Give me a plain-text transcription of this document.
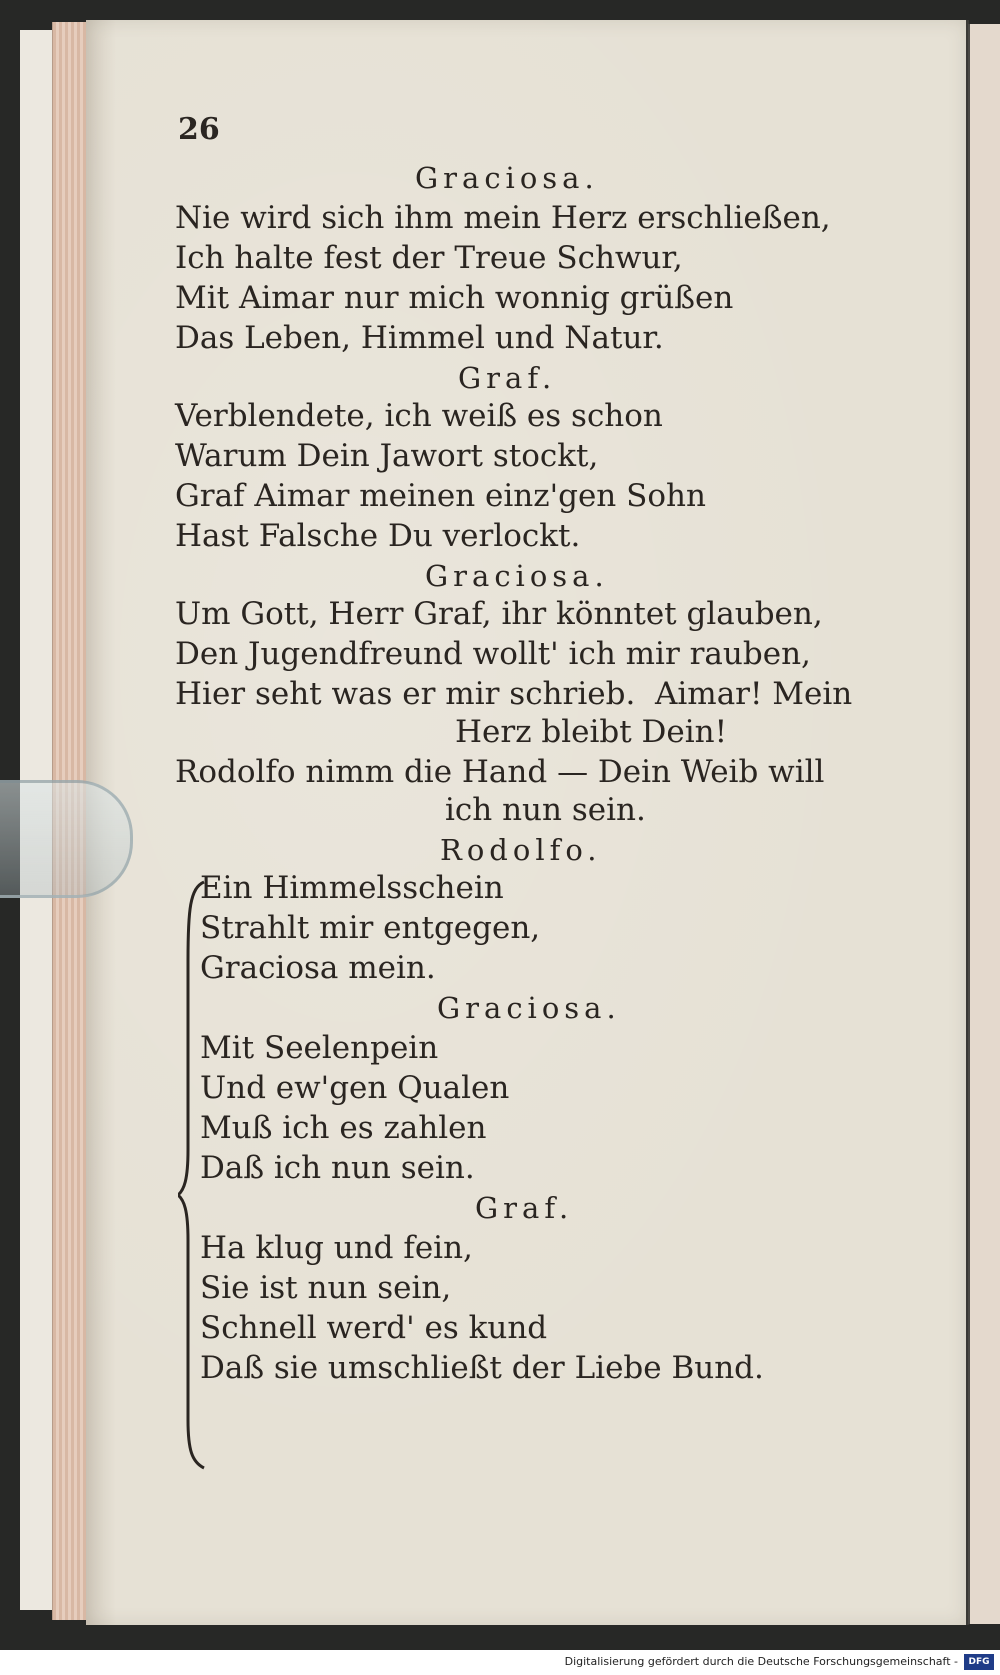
26

Graciosa.

Nie wird sich ihm mein Herz erschließen,

Ich halte fest der Treue Schwur,

Mit Aimar nur mich wonnig grüßen

Das Leben, Himmel und Natur.

Graf.

Verblendete, ich weiß es schon

Warum Dein Jawort stockt,

Graf Aimar meinen einz'gen Sohn

Hast Falsche Du verlockt.

Graciosa.

Um Gott, Herr Graf, ihr könntet glauben,

Den Jugendfreund wollt' ich mir rauben,

Hier seht was er mir schrieb.  Aimar! Mein

Herz bleibt Dein!

Rodolfo nimm die Hand — Dein Weib will

ich nun sein.

Rodolfo.

Ein Himmelsschein

Strahlt mir entgegen,

Graciosa mein.

Graciosa.

Mit Seelenpein

Und ew'gen Qualen

Muß ich es zahlen

Daß ich nun sein.

Graf.

Ha klug und fein,

Sie ist nun sein,

Schnell werd' es kund

Daß sie umschließt der Liebe Bund.

Digitalisierung gefördert durch die Deutsche Forschungsgemeinschaft -	DFG
